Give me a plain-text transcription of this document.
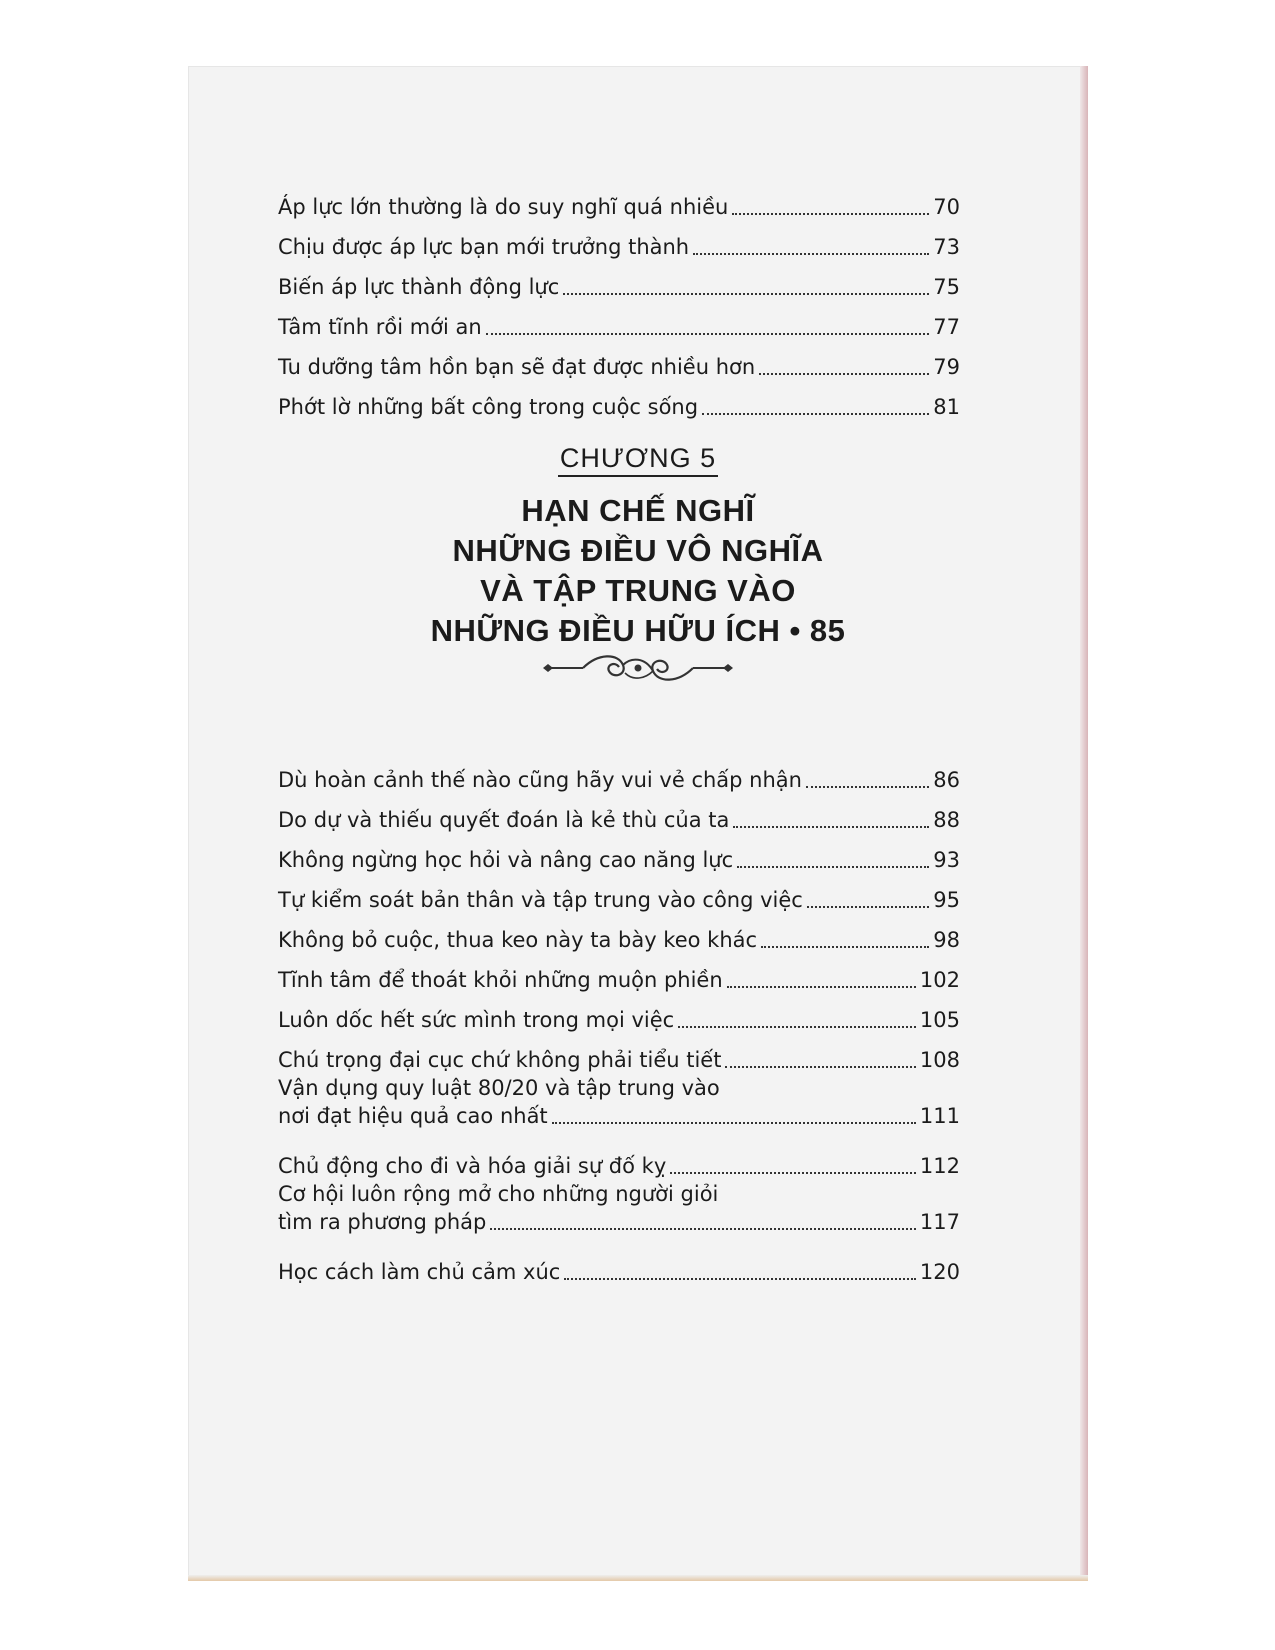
Áp lực lớn thường là do suy nghĩ quá nhiều	70
Chịu được áp lực bạn mới trưởng thành	73
Biến áp lực thành động lực	75
Tâm tĩnh rồi mới an	77
Tu dưỡng tâm hồn bạn sẽ đạt được nhiều hơn	79
Phớt lờ những bất công trong cuộc sống	81
CHƯƠNG 5
HẠN CHẾ NGHĨ
NHỮNG ĐIỀU VÔ NGHĨA
VÀ TẬP TRUNG VÀO
NHỮNG ĐIỀU HỮU ÍCH • 85
Dù hoàn cảnh thế nào cũng hãy vui vẻ chấp nhận	86
Do dự và thiếu quyết đoán là kẻ thù của ta	88
Không ngừng học hỏi và nâng cao năng lực	93
Tự kiểm soát bản thân và tập trung vào công việc	95
Không bỏ cuộc, thua keo này ta bày keo khác	98
Tĩnh tâm để thoát khỏi những muộn phiền	102
Luôn dốc hết sức mình trong mọi việc	105
Chú trọng đại cục chứ không phải tiểu tiết	108
Vận dụng quy luật 80/20 và tập trung vào
nơi đạt hiệu quả cao nhất	111
Chủ động cho đi và hóa giải sự đố kỵ	112
Cơ hội luôn rộng mở cho những người giỏi
tìm ra phương pháp	117
Học cách làm chủ cảm xúc	120
